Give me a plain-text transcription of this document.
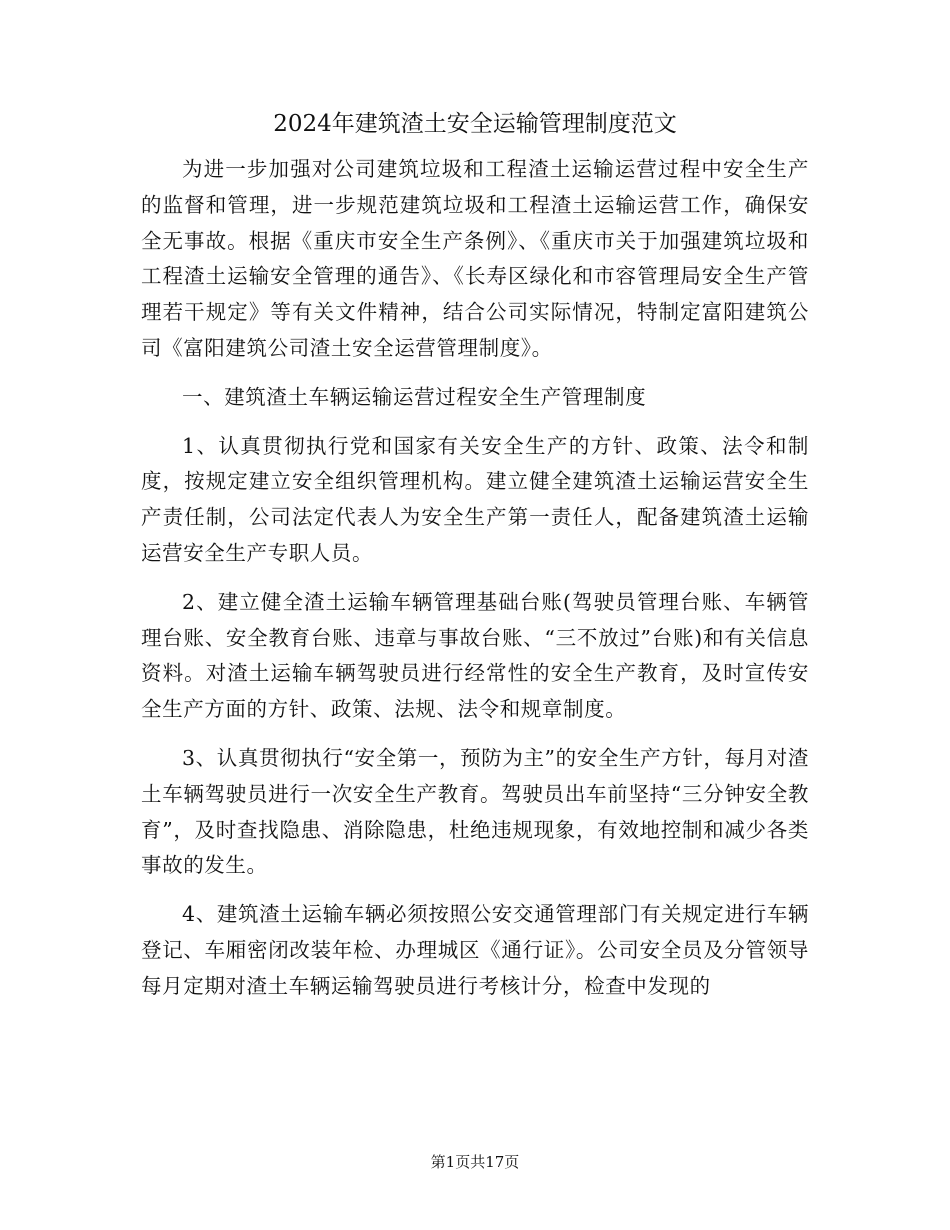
2024年建筑渣土安全运输管理制度范文

为进一步加强对公司建筑垃圾和工程渣土运输运营过程中安全生产的监督和管理，进一步规范建筑垃圾和工程渣土运输运营工作，确保安全无事故。根据《重庆市安全生产条例》、《重庆市关于加强建筑垃圾和工程渣土运输安全管理的通告》、《长寿区绿化和市容管理局安全生产管理若干规定》等有关文件精神，结合公司实际情况，特制定富阳建筑公司《富阳建筑公司渣土安全运营管理制度》。

一、建筑渣土车辆运输运营过程安全生产管理制度

1、认真贯彻执行党和国家有关安全生产的方针、政策、法令和制度，按规定建立安全组织管理机构。建立健全建筑渣土运输运营安全生产责任制，公司法定代表人为安全生产第一责任人，配备建筑渣土运输运营安全生产专职人员。

2、建立健全渣土运输车辆管理基础台账(驾驶员管理台账、车辆管理台账、安全教育台账、违章与事故台账、“三不放过”台账)和有关信息资料。对渣土运输车辆驾驶员进行经常性的安全生产教育，及时宣传安全生产方面的方针、政策、法规、法令和规章制度。

3、认真贯彻执行“安全第一，预防为主”的安全生产方针，每月对渣土车辆驾驶员进行一次安全生产教育。驾驶员出车前坚持“三分钟安全教育”，及时查找隐患、消除隐患，杜绝违规现象，有效地控制和减少各类事故的发生。

4、建筑渣土运输车辆必须按照公安交通管理部门有关规定进行车辆登记、车厢密闭改装年检、办理城区《通行证》。公司安全员及分管领导每月定期对渣土车辆运输驾驶员进行考核计分，检查中发现的

第1页共17页
